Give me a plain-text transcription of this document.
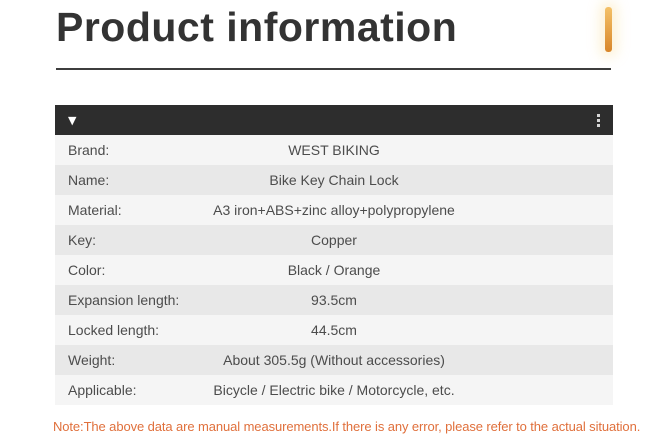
Product information
▼
Brand:	WEST BIKING
Name:	Bike Key Chain Lock
Material:	A3 iron+ABS+zinc alloy+polypropylene
Key:	Copper
Color:	Black / Orange
Expansion length:	93.5cm
Locked length:	44.5cm
Weight:	About 305.5g (Without accessories)
Applicable:	Bicycle / Electric bike / Motorcycle, etc.
Note:The above data are manual measurements.If there is any error, please refer to the actual situation.
